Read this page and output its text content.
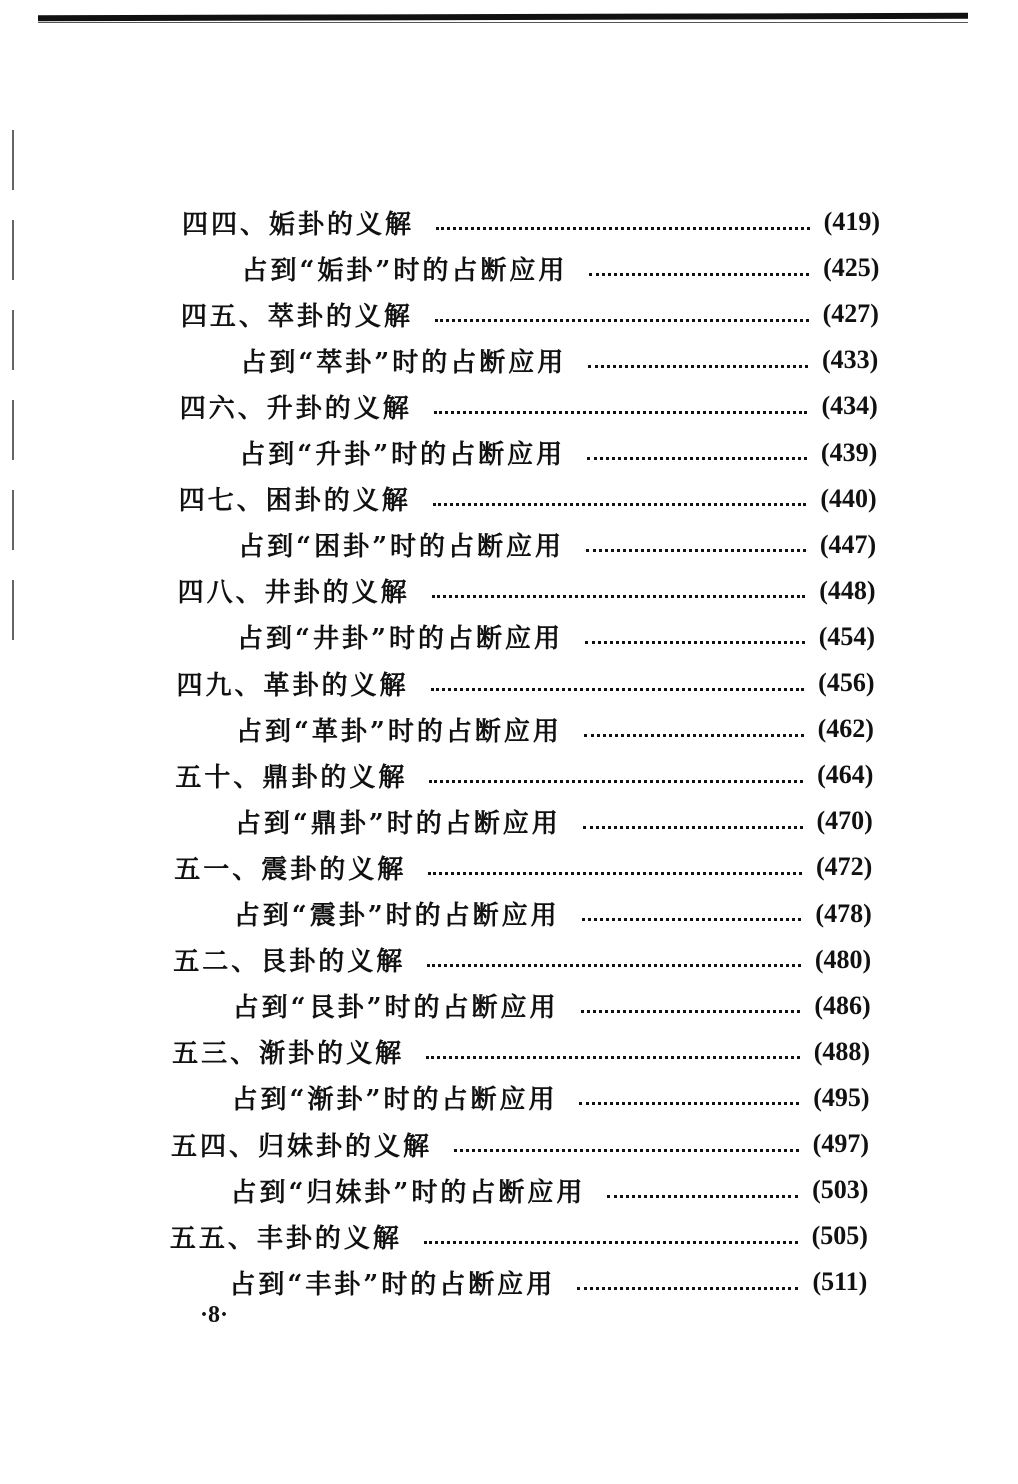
四四、姤卦的义解	(419)
占到“姤卦”时的占断应用	(425)
四五、萃卦的义解	(427)
占到“萃卦”时的占断应用	(433)
四六、升卦的义解	(434)
占到“升卦”时的占断应用	(439)
四七、困卦的义解	(440)
占到“困卦”时的占断应用	(447)
四八、井卦的义解	(448)
占到“井卦”时的占断应用	(454)
四九、革卦的义解	(456)
占到“革卦”时的占断应用	(462)
五十、鼎卦的义解	(464)
占到“鼎卦”时的占断应用	(470)
五一、震卦的义解	(472)
占到“震卦”时的占断应用	(478)
五二、艮卦的义解	(480)
占到“艮卦”时的占断应用	(486)
五三、渐卦的义解	(488)
占到“渐卦”时的占断应用	(495)
五四、归妹卦的义解	(497)
占到“归妹卦”时的占断应用	(503)
五五、丰卦的义解	(505)
占到“丰卦”时的占断应用	(511)
·8·
